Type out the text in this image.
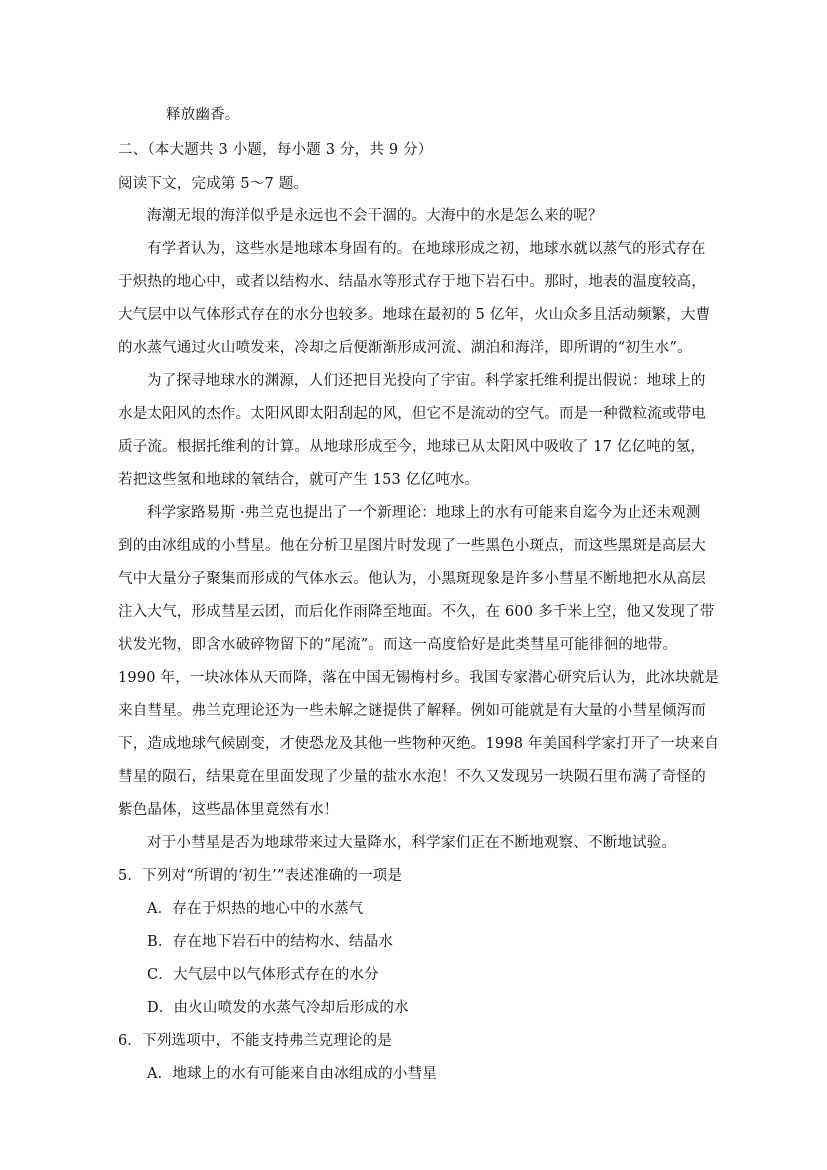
释放幽香。
二、（本大题共 3 小题，每小题 3 分，共 9 分）
阅读下文，完成第 5～7 题。
海潮无垠的海洋似乎是永远也不会干涸的。大海中的水是怎么来的呢？
有学者认为，这些水是地球本身固有的。在地球形成之初，地球水就以蒸气的形式存在
于炽热的地心中，或者以结构水、结晶水等形式存于地下岩石中。那时，地表的温度较高，
大气层中以气体形式存在的水分也较多。地球在最初的 5 亿年，火山众多且活动频繁，大曹
的水蒸气通过火山喷发来，冷却之后便渐渐形成河流、湖泊和海洋，即所谓的“初生水”。
为了探寻地球水的渊源，人们还把目光投向了宇宙。科学家托维利提出假说：地球上的
水是太阳风的杰作。太阳风即太阳刮起的风，但它不是流动的空气。而是一种微粒流或带电
质子流。根据托维利的计算。从地球形成至今，地球已从太阳风中吸收了 17 亿亿吨的氢，
若把这些氢和地球的氧结合，就可产生 153 亿亿吨水。
科学家路易斯 ·弗兰克也提出了一个新理论：地球上的水有可能来自迄今为止还未观测
到的由冰组成的小彗星。他在分析卫星图片时发现了一些黑色小斑点，而这些黑斑是高层大
气中大量分子聚集而形成的气体水云。他认为，小黑斑现象是许多小彗星不断地把水从高层
注入大气，形成彗星云团，而后化作雨降至地面。不久，在 600 多千米上空，他又发现了带
状发光物，即含水破碎物留下的“尾流”。而这一高度恰好是此类彗星可能徘徊的地带。
1990 年，一块冰体从天而降，落在中国无锡梅村乡。我国专家潜心研究后认为，此冰块就是
来自彗星。弗兰克理论还为一些未解之谜提供了解释。例如可能就是有大量的小彗星倾泻而
下，造成地球气候剧变，才使恐龙及其他一些物种灭绝。1998 年美国科学家打开了一块来自
彗星的陨石，结果竟在里面发现了少量的盐水水泡！不久又发现另一块陨石里布满了奇怪的
紫色晶体，这些晶体里竟然有水！
对于小彗星是否为地球带来过大量降水，科学家们正在不断地观察、不断地试验。
5．下列对“所谓的‘初生’”表述准确的一项是
A．存在于炽热的地心中的水蒸气
B．存在地下岩石中的结构水、结晶水
C．大气层中以气体形式存在的水分
D．由火山喷发的水蒸气冷却后形成的水
6．下列选项中，不能支持弗兰克理论的是
A．地球上的水有可能来自由冰组成的小彗星
